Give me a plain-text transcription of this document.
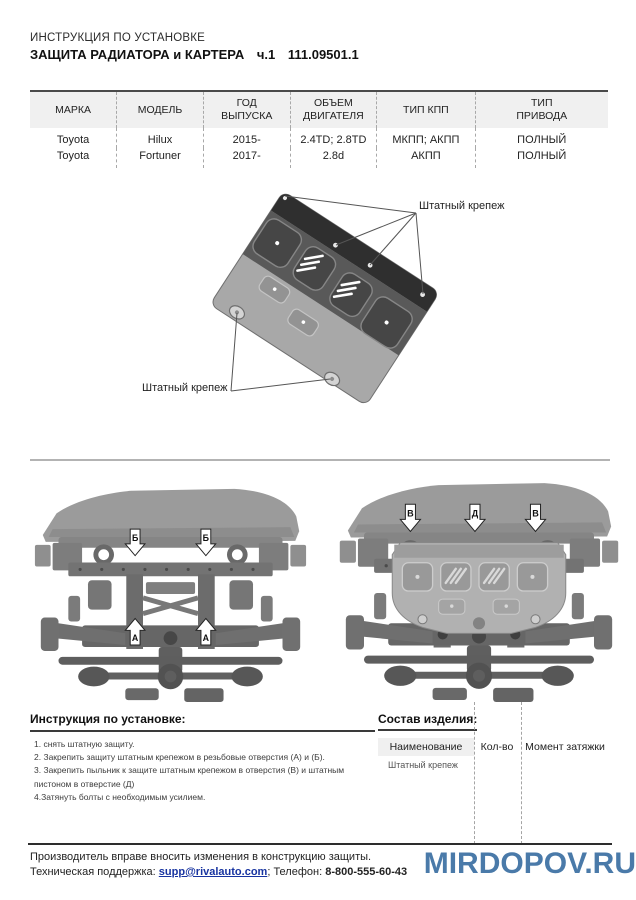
ИНСТРУКЦИЯ ПО УСТАНОВКЕ
ЗАЩИТА РАДИАТОРА и КАРТЕРА ч.1 111.09501.1
МАРКА	МОДЕЛЬ	ГОД ВЫПУСКА	ОБЪЕМ ДВИГАТЕЛЯ	ТИП КПП	ТИП ПРИВОДА
Toyota	Hilux	2015-	2.4TD; 2.8TD	МКПП; АКПП	ПОЛНЫЙ
Toyota	Fortuner	2017-	2.8d	АКПП	ПОЛНЫЙ
Штатный крепеж
Штатный крепеж
Б	Б
А	А
В	Д	В
Инструкция по установке:
1. снять штатную защиту.
2. Закрепить защиту штатным крепежом в резьбовые отверстия (А) и (Б).
3. Закрепить пыльник к защите штатным крепежом в отверстия (В) и штатным пистоном в отверстие (Д)
4.Затянуть болты с необходимым усилием.
Состав изделия:
Наименование	Кол-во	Момент затяжки
Штатный крепеж
Производитель вправе вносить изменения в конструкцию защиты.
Техническая поддержка: supp@rivalauto.com; Телефон: 8-800-555-60-43 MIRDOPOV.RU
